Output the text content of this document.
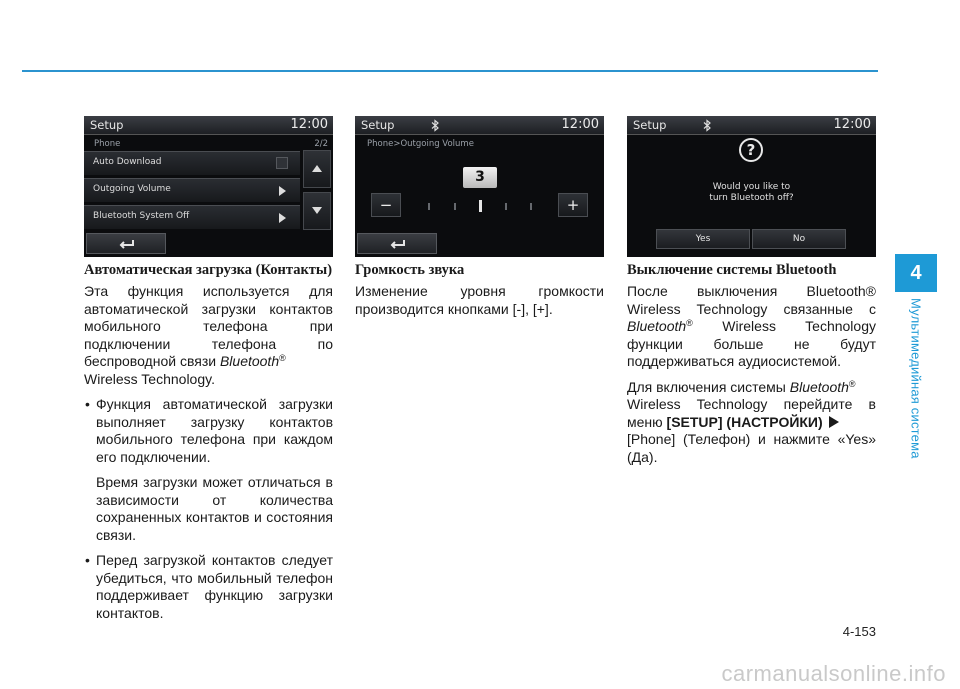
Setup	12:00
Phone	2/2
Auto Download
Outgoing Volume
Bluetooth System Off
Setup	12:00
Phone>Outgoing Volume
3
−	+
Setup	12:00
?
Would you like to
turn Bluetooth off?
Yes	No
Автоматическая загрузка (Контакты)

Эта функция используется для автоматической загрузки контактов мобильного телефона при подключении телефона по беспроводной связи Bluetooth®
Wireless Technology.

• Функция автоматической загрузки выполняет загрузку контактов мобильного телефона при каждом его подключении.
Время загрузки может отличаться в зависимости от количества сохраненных контактов и состояния связи.
• Перед загрузкой контактов следует убедиться, что мобильный телефон поддерживает функцию загрузки контактов.
Громкость звука

Изменение уровня громкости производится кнопками [-], [+].

Выключение системы Bluetooth

После выключения Bluetooth® Wireless Technology связанные с Bluetooth® Wireless Technology функции больше не будут поддерживаться аудиосистемой.

Для включения системы Bluetooth®
Wireless Technology перейдите в меню [SETUP] (НАСТРОЙКИ)
[Phone] (Телефон) и нажмите «Yes» (Да).

4
Мультимедийная система
4-153
carmanualsonline.info
